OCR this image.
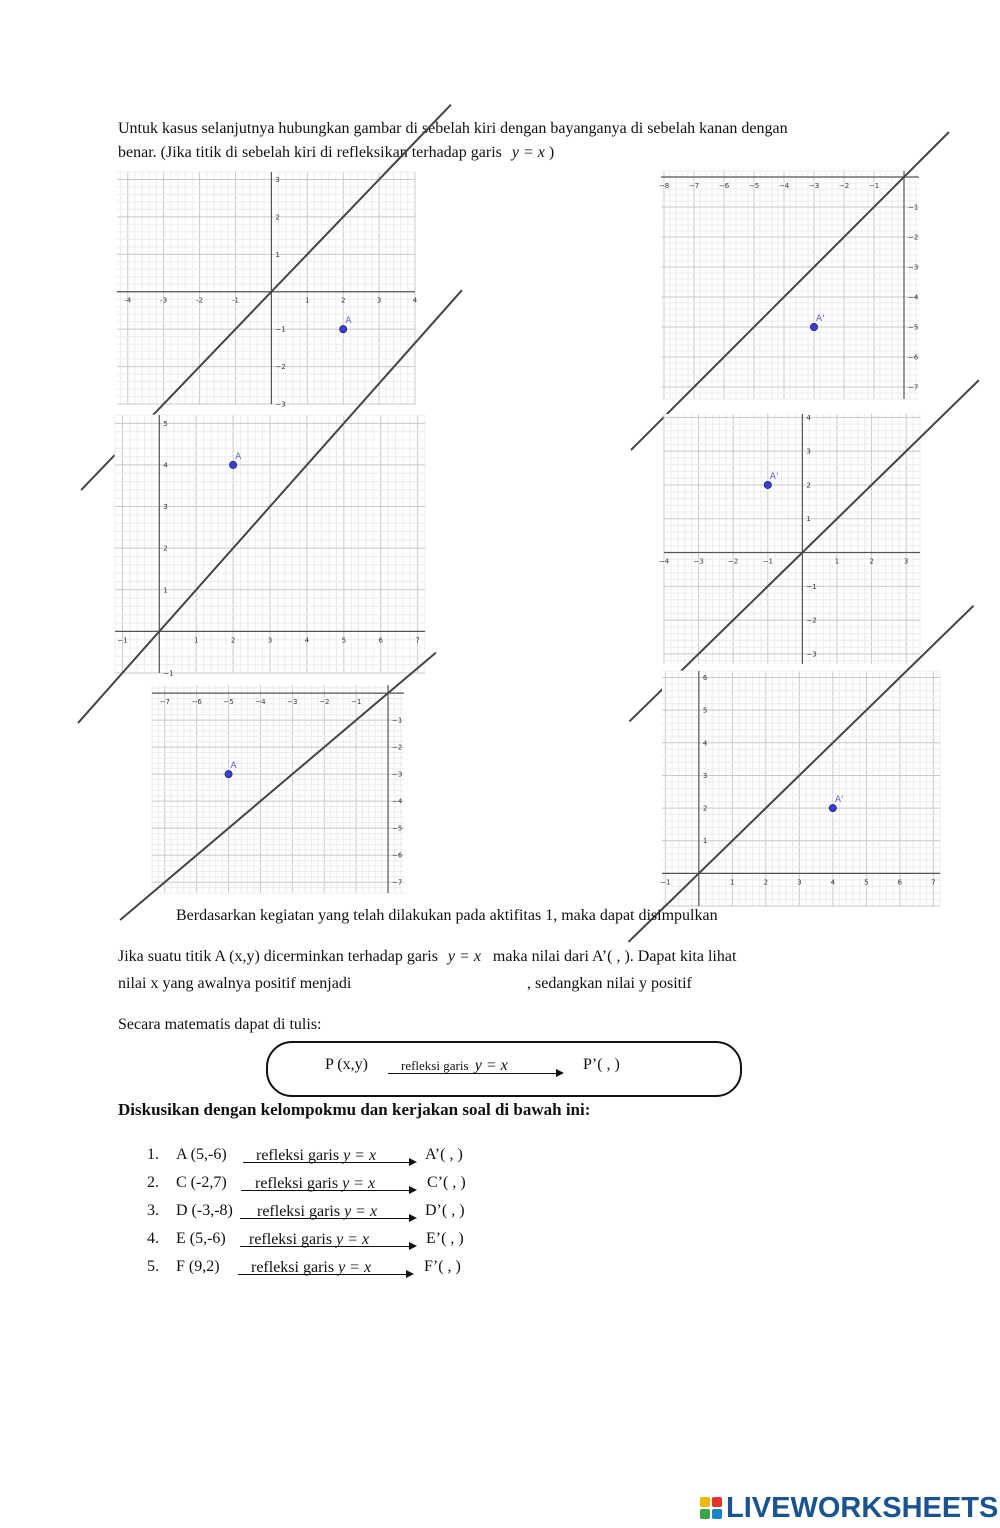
Untuk kasus selanjutnya hubungkan gambar di sebelah kiri dengan bayanganya di sebelah kanan dengan
benar. (Jika titik di sebelah kiri di refleksikan terhadap garis y = x )
-4	-3	-2	-1	1	2	3	4
3
2
1
−1
−2
−3
A
−8	−7	−6	−5	−4	−3	−2	−1
−1
−2
−3
−4
−5
−6
−7
A'
−1	1	2	3	4	5	6	7
5
4
3
2
1
−1
A
−4	−3	−2	−1	1	2	3
4
3
2
1
−1
−2
−3
A'
−7	−6	−5	−4	−3	−2	−1
−1
−2
−3
−4
−5
−6
−7
A
−1	1	2	3	4	5	6	7
6
5
4
3
2
1
A'
Berdasarkan kegiatan yang telah dilakukan pada aktifitas 1, maka dapat disimpulkan
Jika suatu titik A (x,y) dicerminkan terhadap garis y = x maka nilai dari A’( , ). Dapat kita lihat
nilai x yang awalnya positif menjadi	, sedangkan nilai y positif
Secara matematis dapat di tulis:
P (x,y)	refleksi garis y = x	P’( , )
Diskusikan dengan kelompokmu dan kerjakan soal di bawah ini:
1. A (5,-6) refleksi garis y = x	A’( , )
2. C (-2,7) refleksi garis y = x	C’( , )
3. D (-3,-8) refleksi garis y = x	D’( , )
4. E (5,-6) refleksi garis y = x	E’( , )
5. F (9,2) refleksi garis y = x	F’( , )
LIVEWORKSHEETS
